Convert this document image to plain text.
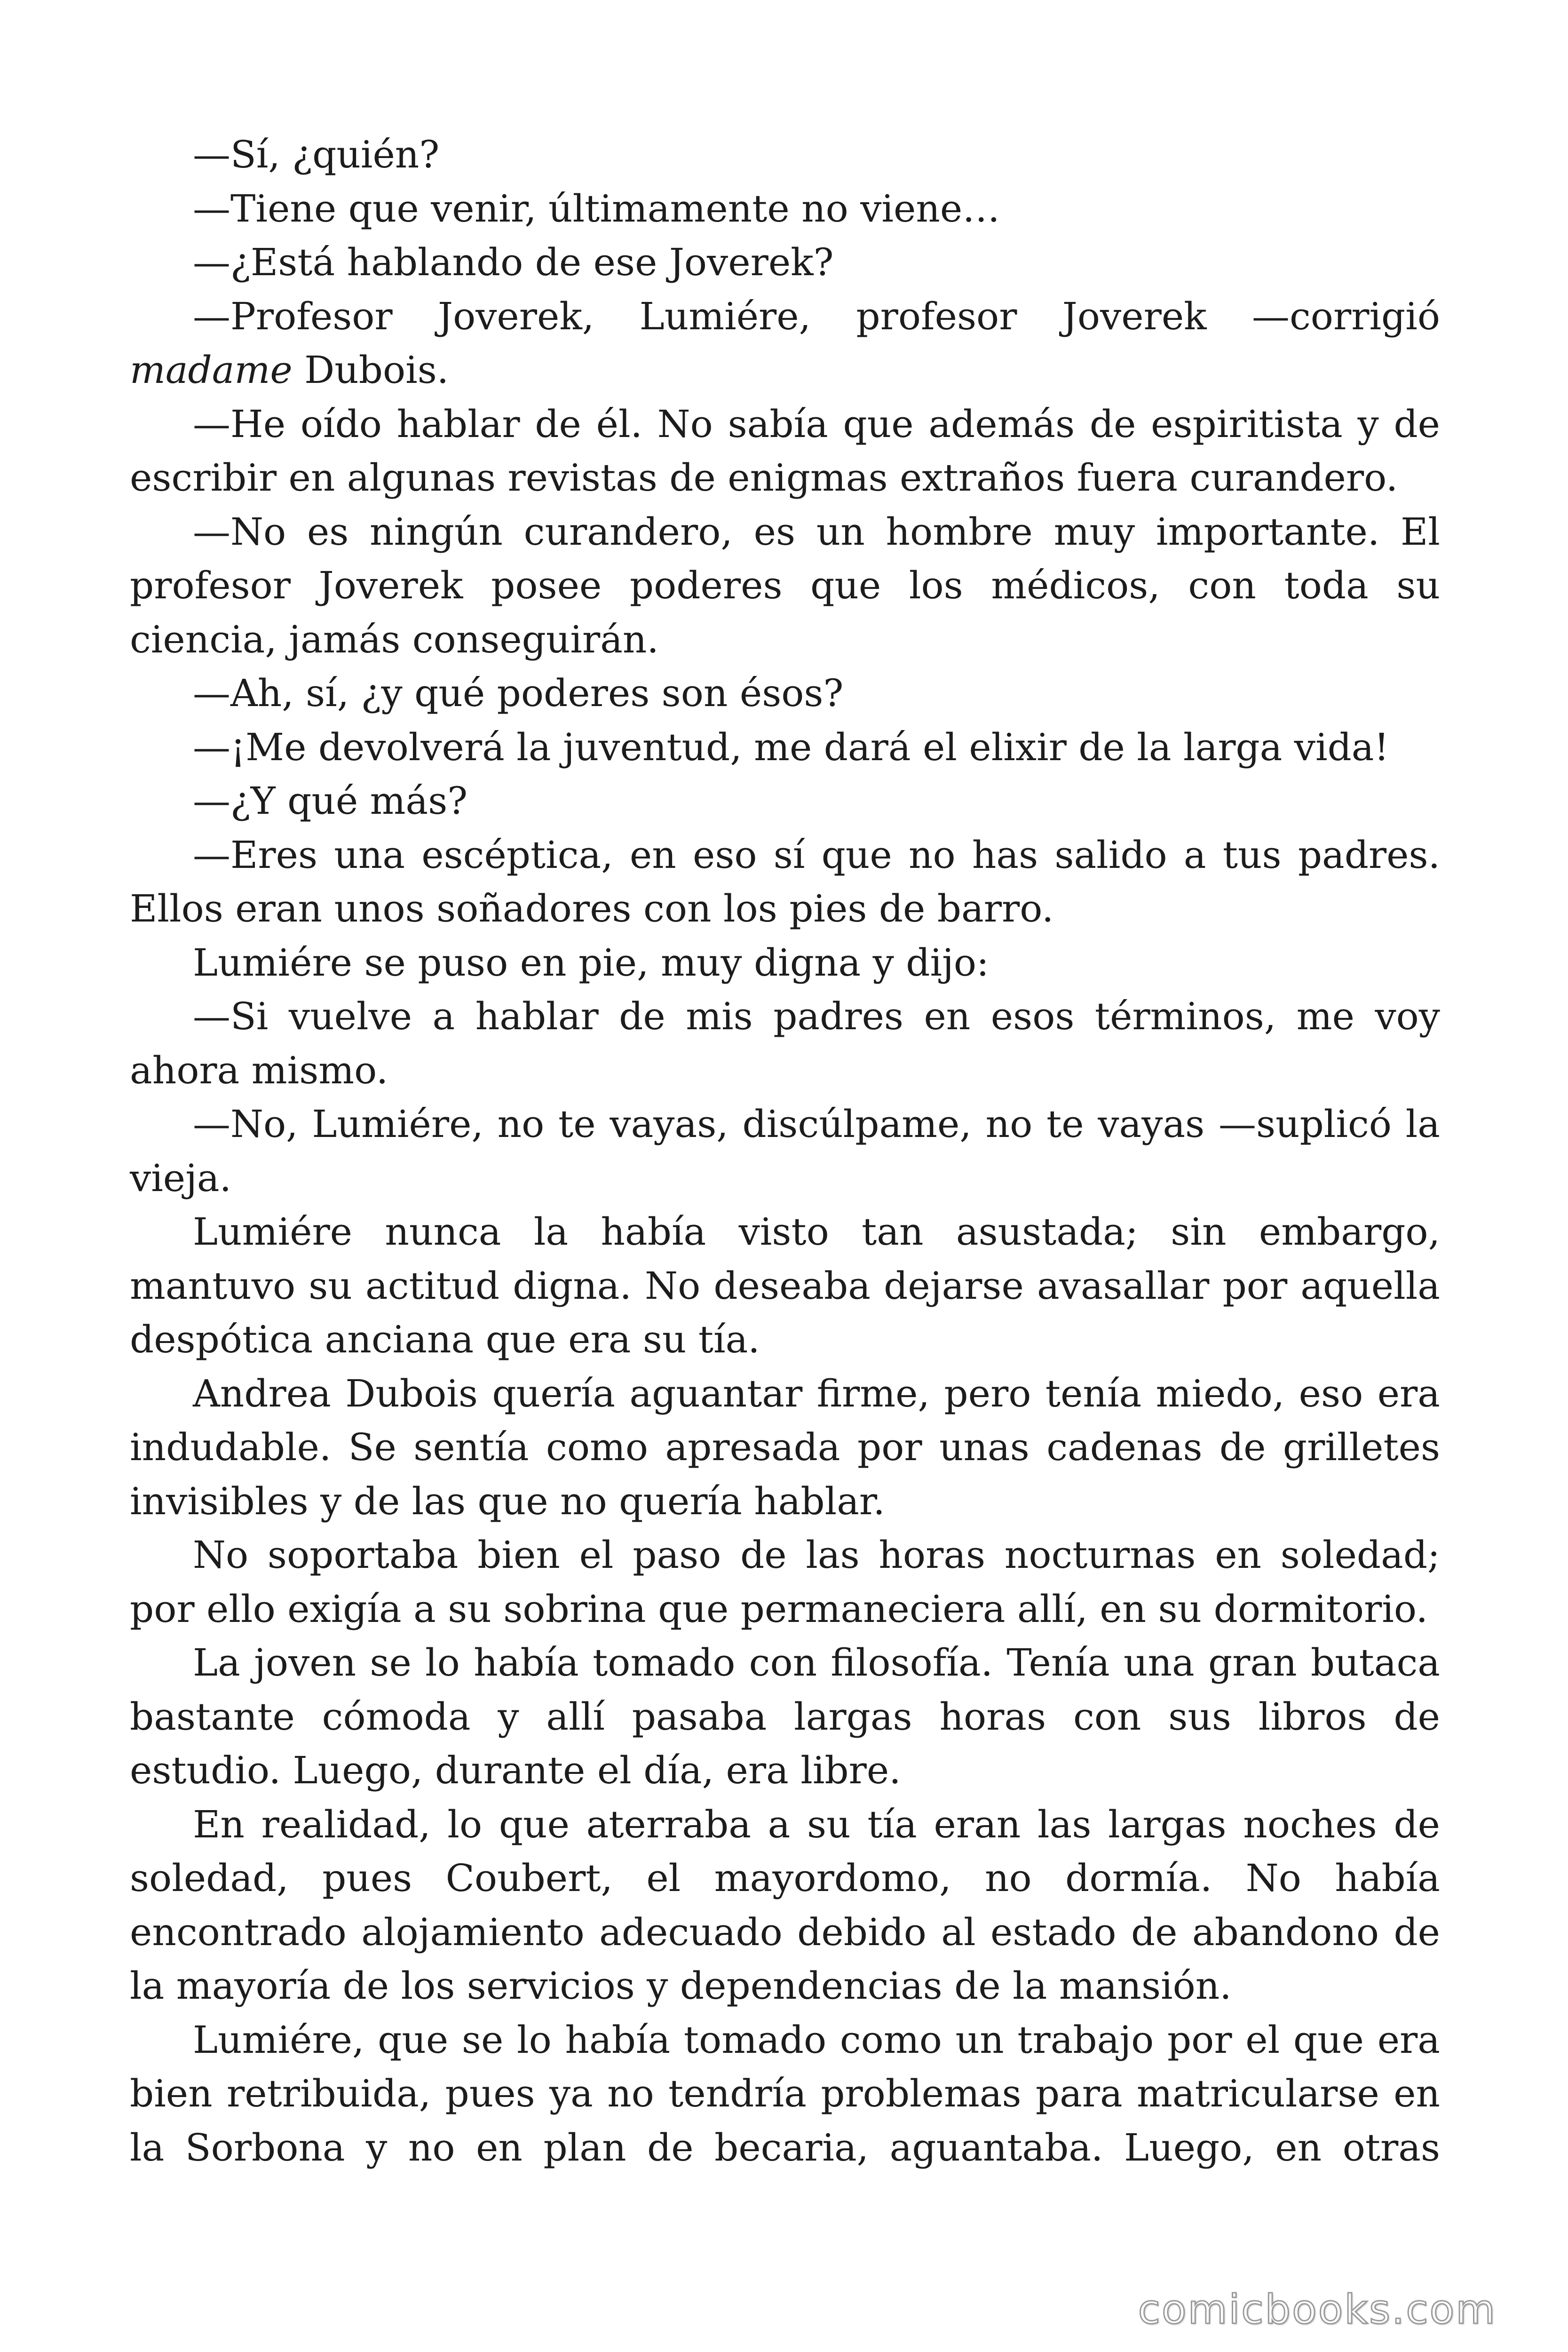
—Sí, ¿quién?

—Tiene que venir, últimamente no viene…

—¿Está hablando de ese Joverek?

—Profesor Joverek, Lumiére, profesor Joverek —corrigió madame Dubois.

—He oído hablar de él. No sabía que además de espiritista y de escribir en algunas revistas de enigmas extraños fuera curandero.

—No es ningún curandero, es un hombre muy importante. El profesor Joverek posee poderes que los médicos, con toda su ciencia, jamás conseguirán.

—Ah, sí, ¿y qué poderes son ésos?

—¡Me devolverá la juventud, me dará el elixir de la larga vida!

—¿Y qué más?

—Eres una escéptica, en eso sí que no has salido a tus padres. Ellos eran unos soñadores con los pies de barro.

Lumiére se puso en pie, muy digna y dijo:

—Si vuelve a hablar de mis padres en esos términos, me voy ahora mismo.

—No, Lumiére, no te vayas, discúlpame, no te vayas —suplicó la vieja.

Lumiére nunca la había visto tan asustada; sin embargo, mantuvo su actitud digna. No deseaba dejarse avasallar por aquella despótica anciana que era su tía.

Andrea Dubois quería aguantar firme, pero tenía miedo, eso era indudable. Se sentía como apresada por unas cadenas de grilletes invisibles y de las que no quería hablar.

No soportaba bien el paso de las horas nocturnas en soledad; por ello exigía a su sobrina que permaneciera allí, en su dormitorio.

La joven se lo había tomado con filosofía. Tenía una gran butaca bastante cómoda y allí pasaba largas horas con sus libros de estudio. Luego, durante el día, era libre.

En realidad, lo que aterraba a su tía eran las largas noches de soledad, pues Coubert, el mayordomo, no dormía. No había encontrado alojamiento adecuado debido al estado de abandono de la mayoría de los servicios y dependencias de la mansión.

Lumiére, que se lo había tomado como un trabajo por el que era bien retribuida, pues ya no tendría problemas para matricularse en la Sorbona y no en plan de becaria, aguantaba. Luego, en otras

comicbooks.com
